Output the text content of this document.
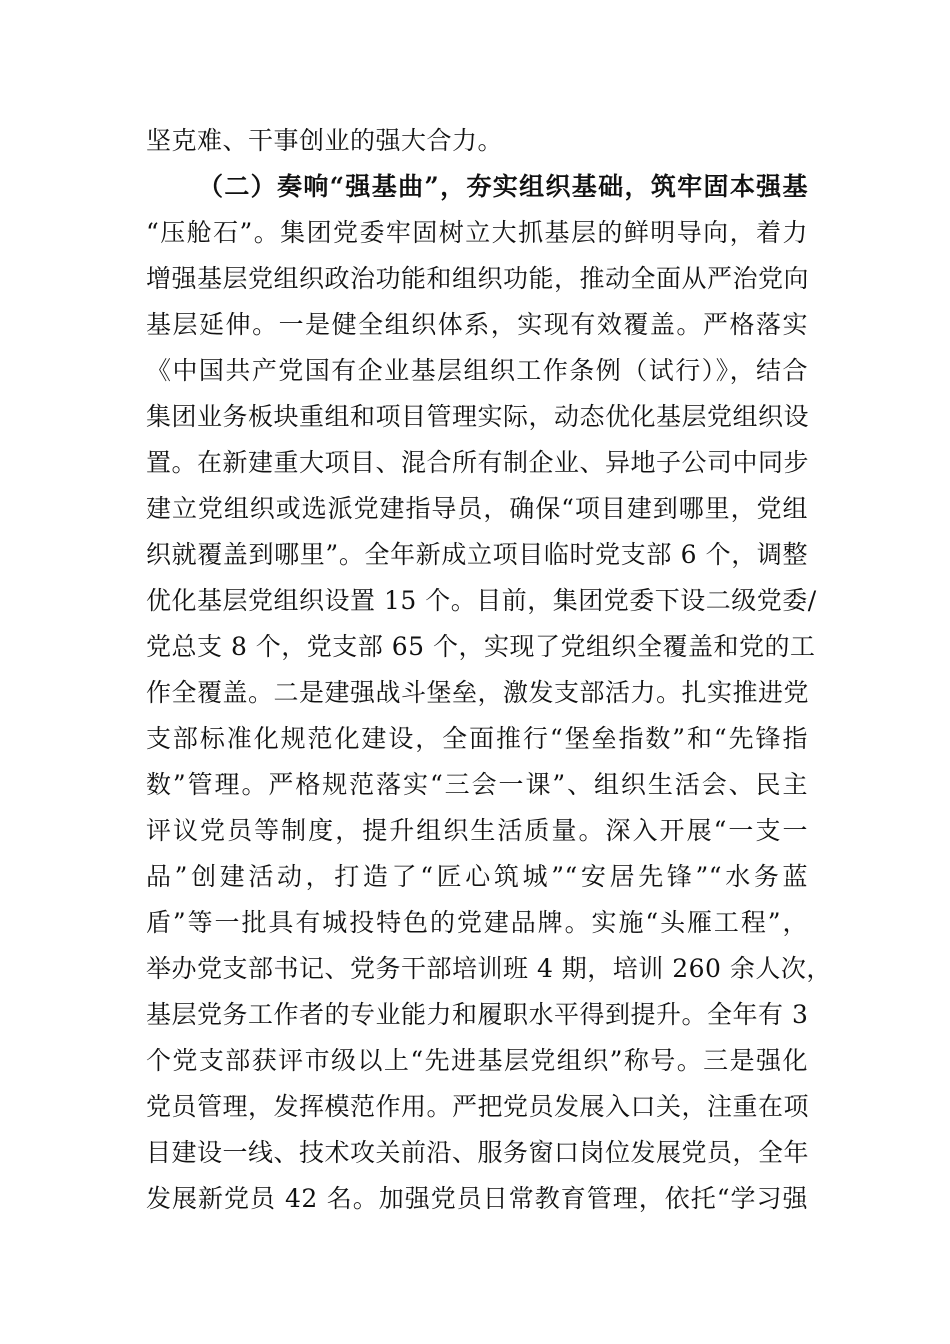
坚克难、干事创业的强大合力。
（二）奏响“强基曲”，夯实组织基础，筑牢固本强基
“压舱石”。集团党委牢固树立大抓基层的鲜明导向，着力
增强基层党组织政治功能和组织功能，推动全面从严治党向
基层延伸。一是健全组织体系，实现有效覆盖。严格落实
《中国共产党国有企业基层组织工作条例（试行）》，结合
集团业务板块重组和项目管理实际，动态优化基层党组织设
置。在新建重大项目、混合所有制企业、异地子公司中同步
建立党组织或选派党建指导员，确保“项目建到哪里，党组
织就覆盖到哪里”。全年新成立项目临时党支部 6 个，调整
优化基层党组织设置 15 个。目前，集团党委下设二级党委/
党总支 8 个，党支部 65 个，实现了党组织全覆盖和党的工
作全覆盖。二是建强战斗堡垒，激发支部活力。扎实推进党
支部标准化规范化建设，全面推行“堡垒指数”和“先锋指
数”管理。严格规范落实“三会一课”、组织生活会、民主
评议党员等制度，提升组织生活质量。深入开展“一支一
品”创建活动，打造了“匠心筑城”“安居先锋”“水务蓝
盾”等一批具有城投特色的党建品牌。实施“头雁工程”，
举办党支部书记、党务干部培训班 4 期，培训 260 余人次，
基层党务工作者的专业能力和履职水平得到提升。全年有 3
个党支部获评市级以上“先进基层党组织”称号。三是强化
党员管理，发挥模范作用。严把党员发展入口关，注重在项
目建设一线、技术攻关前沿、服务窗口岗位发展党员，全年
发展新党员 42 名。加强党员日常教育管理，依托“学习强
